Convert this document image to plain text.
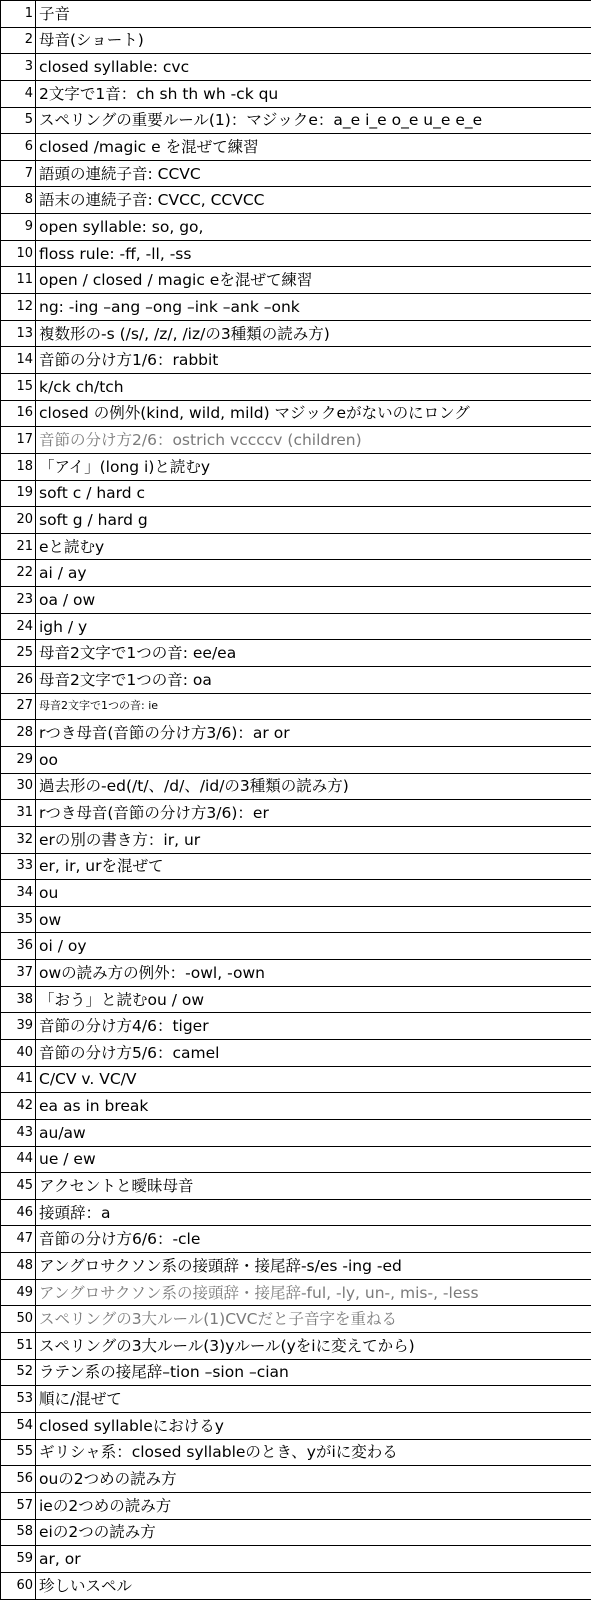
1	子音
2	母音(ショート)
3	closed syllable: cvc
4	2文字で1音：ch sh th wh -ck qu
5	スペリングの重要ルール(1)：マジックe：a_e i_e o_e u_e e_e
6	closed /magic e を混ぜて練習
7	語頭の連続子音: CCVC
8	語末の連続子音: CVCC, CCVCC
9	open syllable: so, go,
10	floss rule: -ff, -ll, -ss
11	open / closed / magic eを混ぜて練習
12	ng: -ing –ang –ong –ink –ank –onk
13	複数形の-s (/s/, /z/, /iz/の3種類の読み方)
14	音節の分け方1/6：rabbit
15	k/ck ch/tch
16	closed の例外(kind, wild, mild) マジックeがないのにロング
17	音節の分け方2/6：ostrich vccccv (children)
18	「アイ」(long i)と読むy
19	soft c / hard c
20	soft g / hard g
21	eと読むy
22	ai / ay
23	oa / ow
24	igh / y
25	母音2文字で1つの音: ee/ea
26	母音2文字で1つの音: oa
27	母音2文字で1つの音: ie
28	rつき母音(音節の分け方3/6)：ar or
29	oo
30	過去形の-ed(/t/、/d/、/id/の3種類の読み方)
31	rつき母音(音節の分け方3/6)：er
32	erの別の書き方：ir, ur
33	er, ir, urを混ぜて
34	ou
35	ow
36	oi / oy
37	owの読み方の例外：-owl, -own
38	「おう」と読むou / ow
39	音節の分け方4/6：tiger
40	音節の分け方5/6：camel
41	C/CV v. VC/V
42	ea as in break
43	au/aw
44	ue / ew
45	アクセントと曖昧母音
46	接頭辞：a
47	音節の分け方6/6：-cle
48	アングロサクソン系の接頭辞・接尾辞-s/es -ing -ed
49	アングロサクソン系の接頭辞・接尾辞-ful, -ly, un-, mis-, -less
50	スペリングの3大ルール(1)CVCだと子音字を重ねる
51	スペリングの3大ルール(3)yルール(yをiに変えてから)
52	ラテン系の接尾辞–tion –sion –cian
53	順に/混ぜて
54	closed syllableにおけるy
55	ギリシャ系：closed syllableのとき、yがiに変わる
56	ouの2つめの読み方
57	ieの2つめの読み方
58	eiの2つの読み方
59	ar, or
60	珍しいスペル
